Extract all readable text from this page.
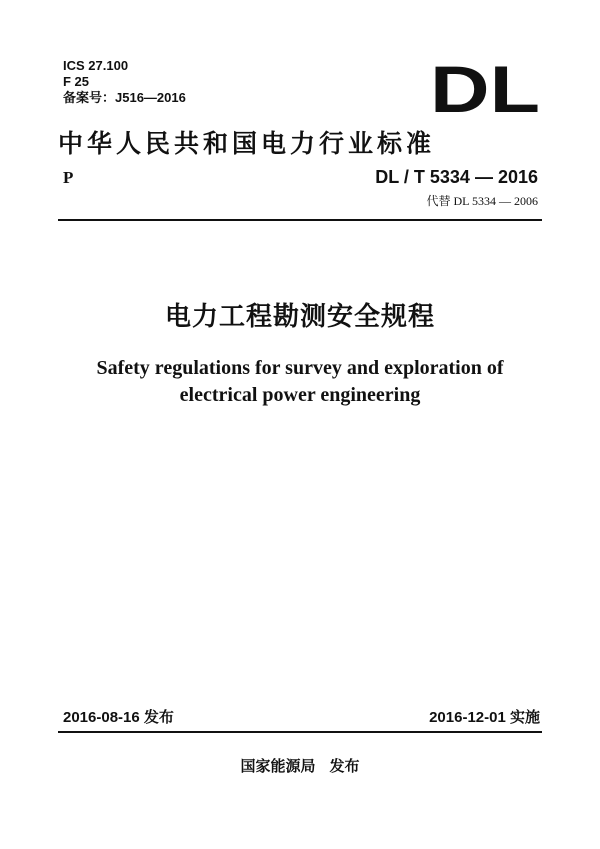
ICS 27.100
F 25
备案号：J516—2016	DL
中华人民共和国电力行业标准
P	DL / T 5334 — 2016
代替 DL 5334 — 2006
电力工程勘测安全规程
Safety regulations for survey and exploration of
electrical power engineering
2016-08-16 发布	2016-12-01 实施
国家能源局 发布
